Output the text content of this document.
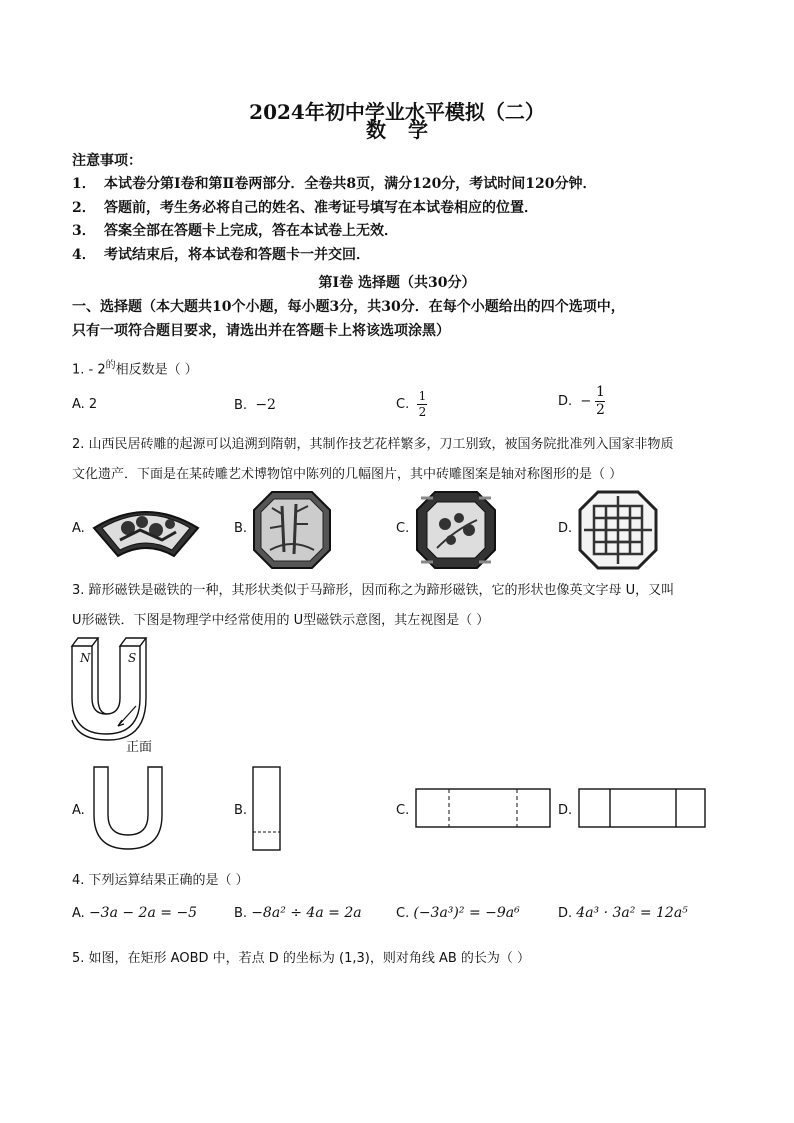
2024年初中学业水平模拟（二）
数学
注意事项：
1． 本试卷分第Ⅰ卷和第Ⅱ卷两部分．全卷共8页，满分120分，考试时间120分钟．
2． 答题前，考生务必将自己的姓名、准考证号填写在本试卷相应的位置．
3． 答案全部在答题卡上完成，答在本试卷上无效．
4． 考试结束后，将本试卷和答题卡一并交回．
第Ⅰ卷 选择题（共30分）
一、选择题（本大题共10个小题，每小题3分，共30分．在每个小题给出的四个选项中，
只有一项符合题目要求，请选出并在答题卡上将该选项涂黑）
1. - $2^的$相反数是（ ）
A. 2	B. −2	C. $\frac{1}{2}$	D. − $\frac{1}{2}$
2. 山西民居砖雕的起源可以追溯到隋朝，其制作技艺花样繁多，刀工别致，被国务院批准列入国家非物质
文化遗产．下面是在某砖雕艺术博物馆中陈列的几幅图片，其中砖雕图案是轴对称图形的是（ ）
A.	B.	C.	D.
3. 蹄形磁铁是磁铁的一种，其形状类似于马蹄形，因而称之为蹄形磁铁，它的形状也像英文字母 U，又叫
U形磁铁．下图是物理学中经常使用的 U型磁铁示意图，其左视图是（ ）
N	S
正面
A.	B.	C.	D.
4. 下列运算结果正确的是（ ）
A. −3a − 2a = −5	B. −8a² ÷ 4a = 2a	C. (−3a³)² = −9a⁶	D. 4a³ · 3a² = 12a⁵
5. 如图，在矩形 AOBD 中，若点 D 的坐标为 (1,3)，则对角线 AB 的长为（ ）
